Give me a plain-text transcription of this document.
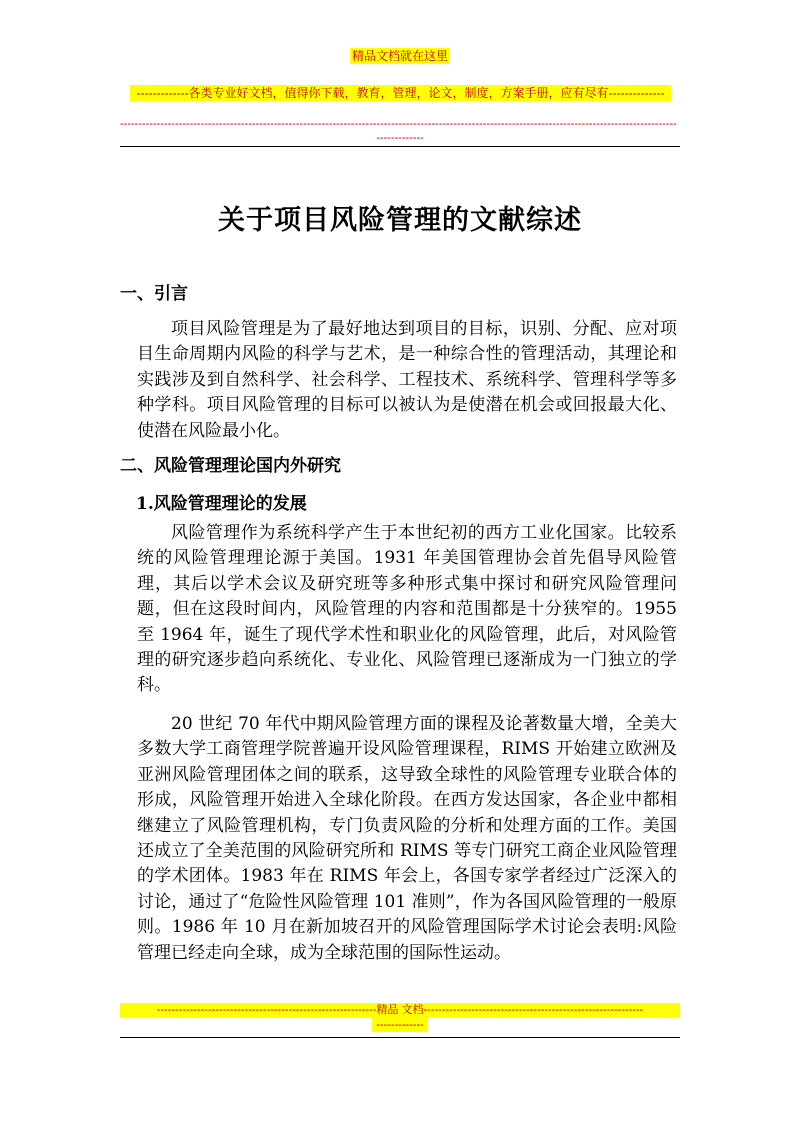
精品文档就在这里
-------------各类专业好文档，值得你下载，教育，管理，论文，制度，方案手册，应有尽有--------------
--------------------------------------------------------------------------------------------------------------------------------------------------------
-------------
关于项目风险管理的文献综述
一、引言
项目风险管理是为了最好地达到项目的目标，识别、分配、应对项目生命周期内风险的科学与艺术，是一种综合性的管理活动，其理论和实践涉及到自然科学、社会科学、工程技术、系统科学、管理科学等多种学科。项目风险管理的目标可以被认为是使潜在机会或回报最大化、使潜在风险最小化。
二、风险管理理论国内外研究
1.风险管理理论的发展
风险管理作为系统科学产生于本世纪初的西方工业化国家。比较系统的风险管理理论源于美国。1931 年美国管理协会首先倡导风险管理，其后以学术会议及研究班等多种形式集中探讨和研究风险管理问题，但在这段时间内，风险管理的内容和范围都是十分狭窄的。1955 至 1964 年，诞生了现代学术性和职业化的风险管理，此后，对风险管理的研究逐步趋向系统化、专业化、风险管理已逐渐成为一门独立的学科。
20 世纪 70 年代中期风险管理方面的课程及论著数量大增，全美大多数大学工商管理学院普遍开设风险管理课程，RIMS 开始建立欧洲及亚洲风险管理团体之间的联系，这导致全球性的风险管理专业联合体的形成，风险管理开始进入全球化阶段。在西方发达国家，各企业中都相继建立了风险管理机构，专门负责风险的分析和处理方面的工作。美国还成立了全美范围的风险研究所和 RIMS 等专门研究工商企业风险管理的学术团体。1983 年在 RIMS 年会上，各国专家学者经过广泛深入的讨论，通过了“危险性风险管理 101 准则”，作为各国风险管理的一般原则。1986 年 10 月在新加坡召开的风险管理国际学术讨论会表明:风险管理已经走向全球，成为全球范围的国际性运动。
------------------------------------------------------------精品 文档------------------------------------------------------------
-------------
